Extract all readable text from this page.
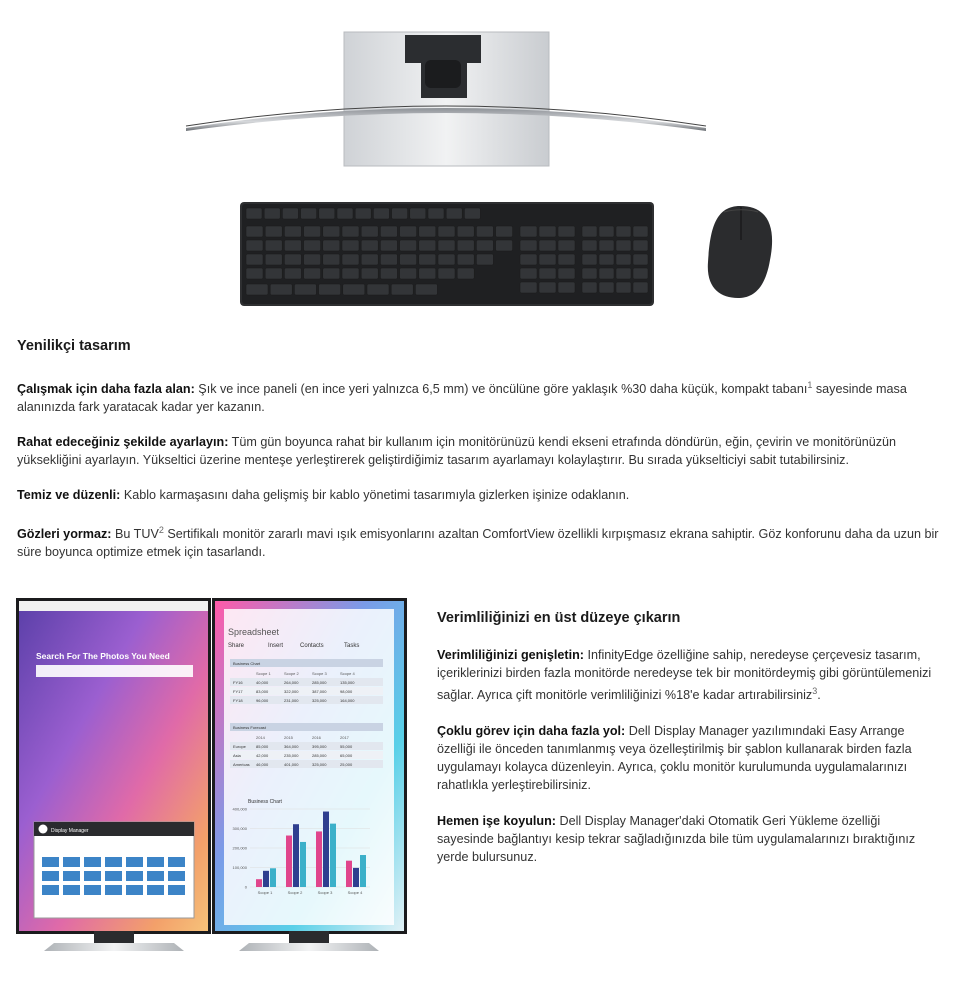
Yenilikçi tasarım

Çalışmak için daha fazla alan: Şık ve ince paneli (en ince yeri yalnızca 6,5 mm) ve öncülüne göre yaklaşık %30 daha küçük, kompakt tabanı$^1$ sayesinde masa alanınızda fark yaratacak kadar yer kazanın.

Rahat edeceğiniz şekilde ayarlayın: Tüm gün boyunca rahat bir kullanım için monitörünüzü kendi ekseni etrafında döndürün, eğin, çevirin ve monitörünüzün yüksekliğini ayarlayın. Yükseltici üzerine menteşe yerleştirerek geliştirdiğimiz tasarım ayarlamayı kolaylaştırır. Bu sırada yükselticiyi sabit tutabilirsiniz.

Temiz ve düzenli: Kablo karmaşasını daha gelişmiş bir kablo yönetimi tasarımıyla gizlerken işinize odaklanın.

Gözleri yormaz: Bu TUV$^2$ Sertifikalı monitör zararlı mavi ışık emisyonlarını azaltan ComfortView özellikli kırpışmasız ekrana sahiptir. Göz konforunu daha da uzun bir süre boyunca optimize etmek için tasarlandı.

Search For The Photos You Need
Display Manager
Spreadsheet
Share	Insert	Contacts	Tasks
Business Chart
Scope 1	Scope 2	Scope 3	Scope 4
FY16	40,000	264,000	285,000	135,000
FY17	83,000	322,000	387,000	98,000
FY18	96,000	231,000	325,000	164,000
Business Forecast
2014	2015	2016	2017
Europe	85,000	364,000	395,000	55,000
Asia	42,000	235,000	285,000	65,000
Americas 46,000	401,000	325,000	25,000
Business Chart
400,000
300,000
200,000
100,000
0
Scope 1	Scope 2	Scope 3	Scope 4
Verimliliğinizi en üst düzeye çıkarın

Verimliliğinizi genişletin: InfinityEdge özelliğine sahip, neredeyse çerçevesiz tasarım, içeriklerinizi birden fazla monitörde neredeyse tek bir monitördeymiş gibi görüntülemenizi sağlar. Ayrıca çift monitörle verimliliğinizi %18'e kadar artırabilirsiniz$^3$.

Çoklu görev için daha fazla yol: Dell Display Manager yazılımındaki Easy Arrange özelliği ile önceden tanımlanmış veya özelleştirilmiş bir şablon kullanarak birden fazla uygulamayı kolayca düzenleyin. Ayrıca, çoklu monitör kurulumunda uygulamalarınızı rahatlıkla yerleştirebilirsiniz.

Hemen işe koyulun: Dell Display Manager'daki Otomatik Geri Yükleme özelliği sayesinde bağlantıyı kesip tekrar sağladığınızda bile tüm uygulamalarınızı bıraktığınız yerde bulursunuz.
